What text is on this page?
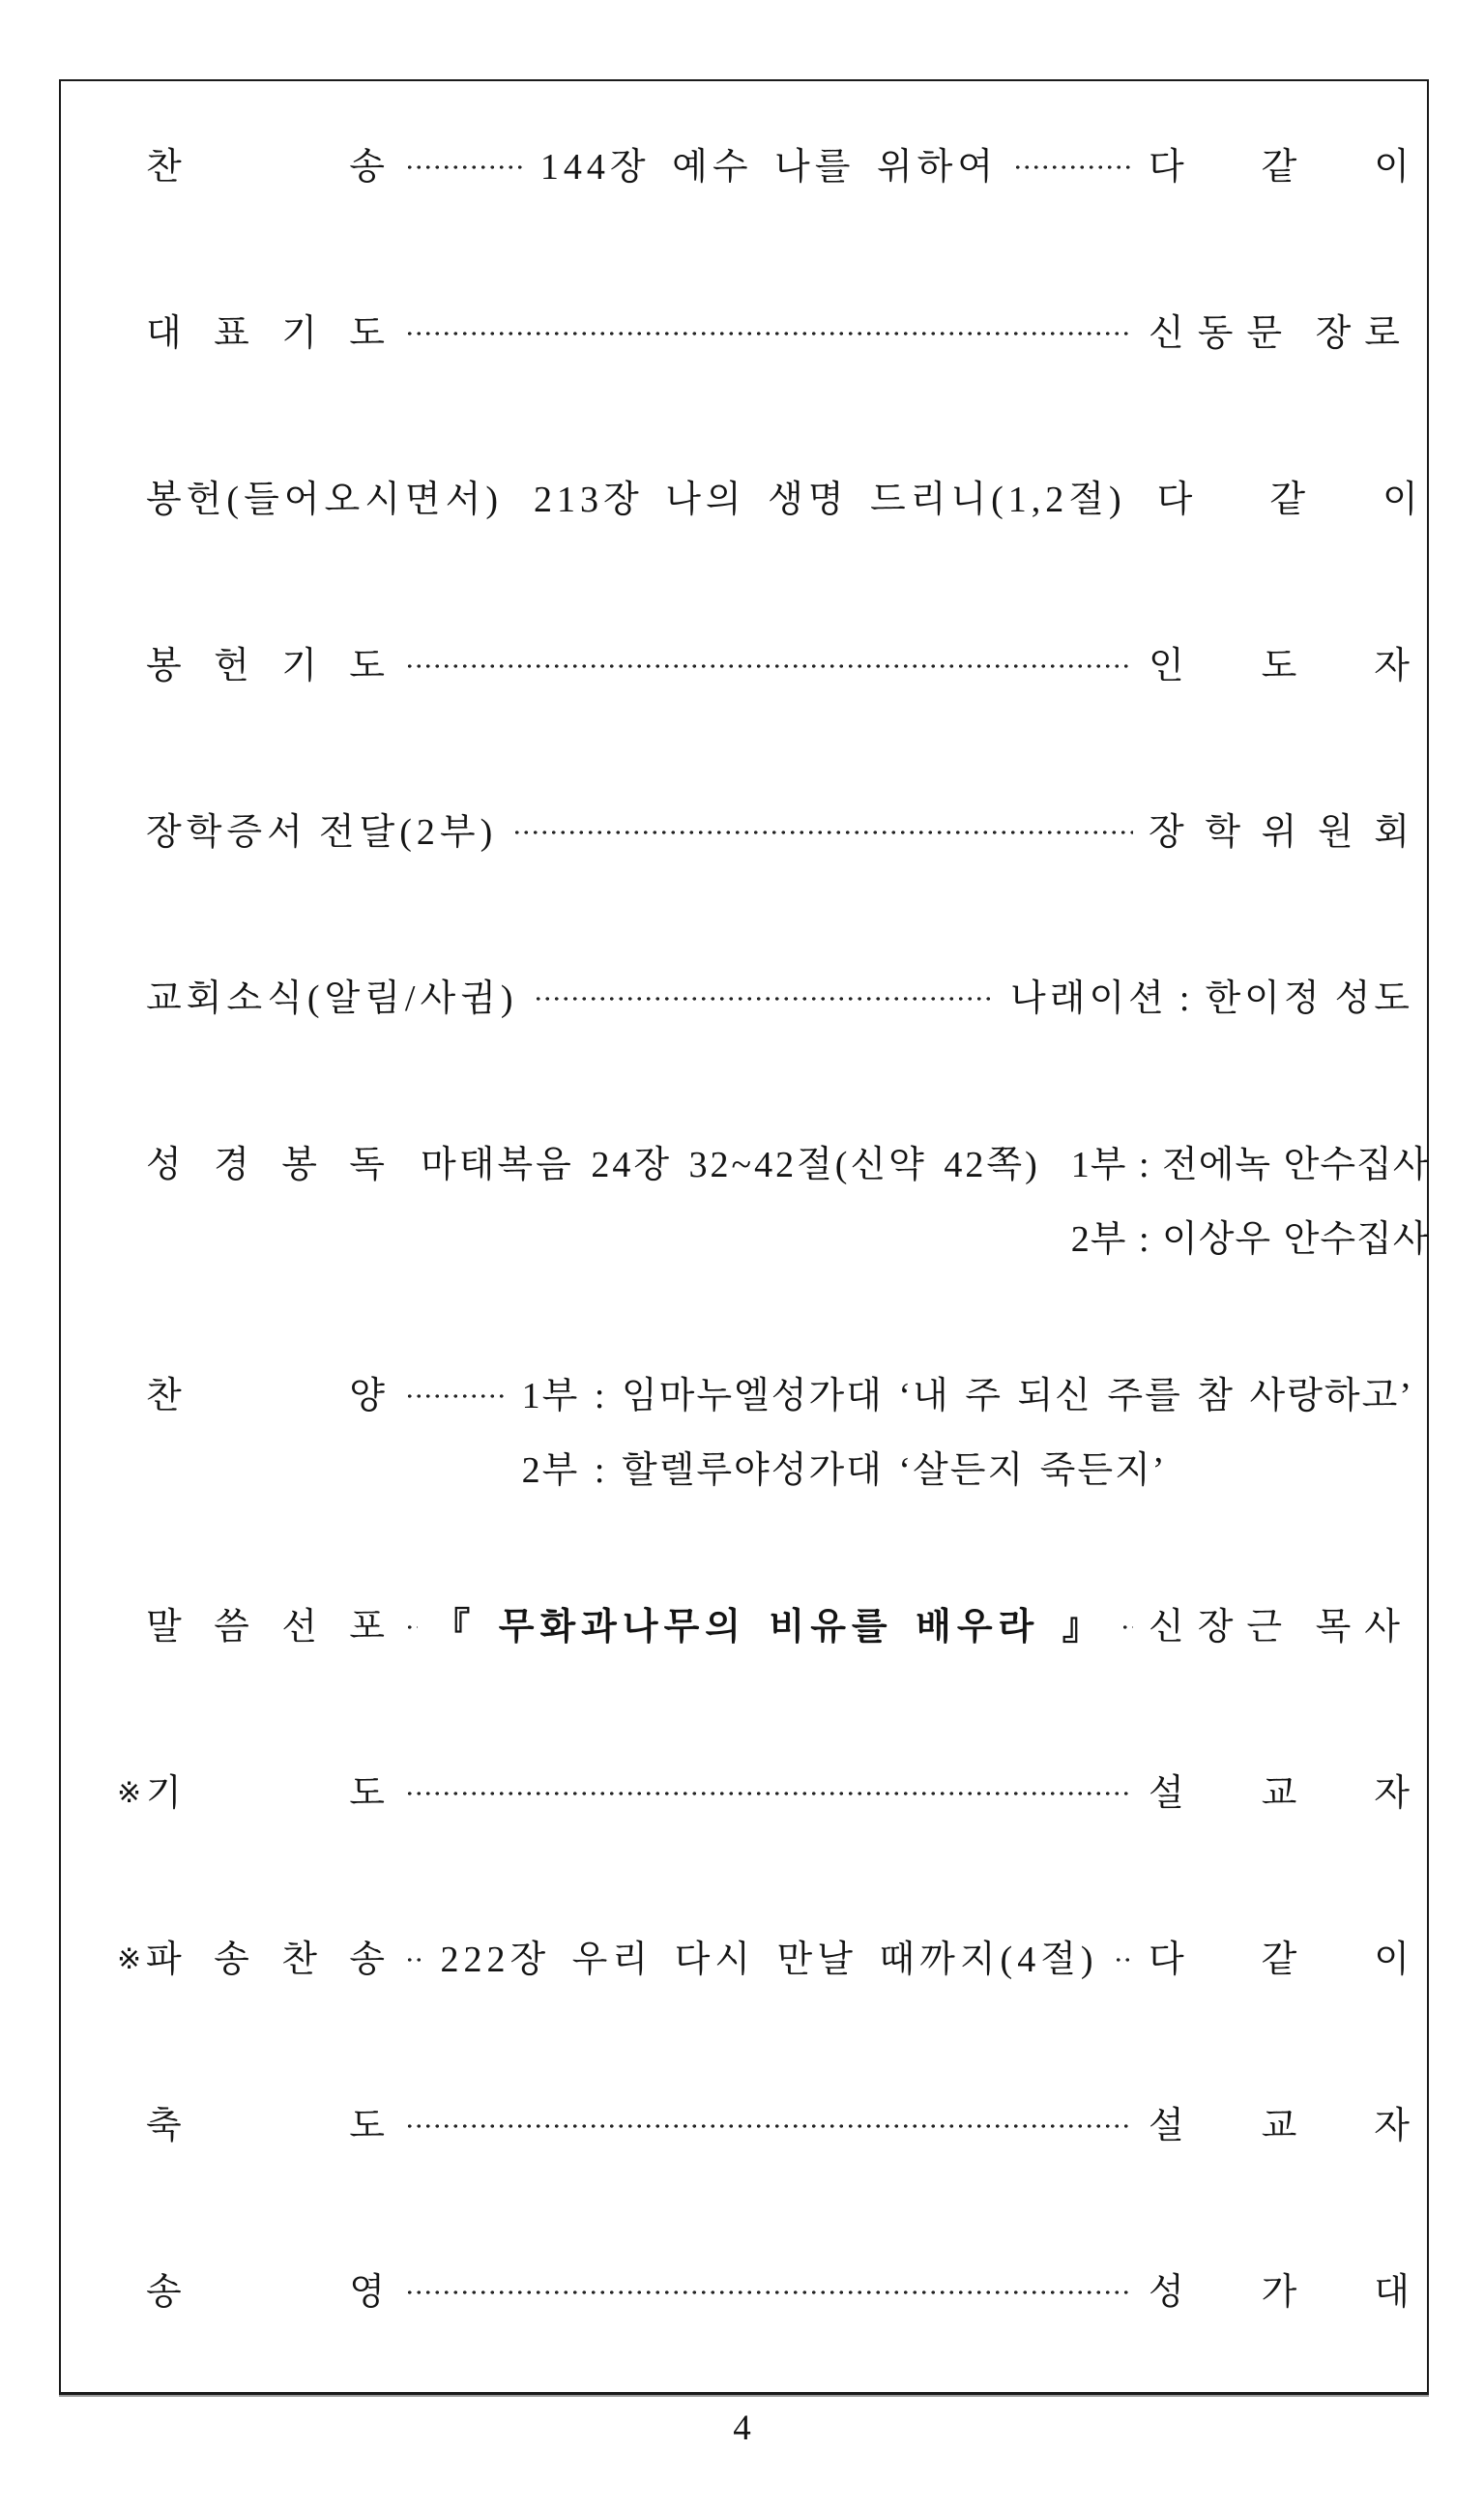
찬	송	144장 예수 나를 위하여	다 같 이
대 표 기 도	신동문 장로
봉헌(들어오시면서) 213장 나의 생명 드리니(1,2절) 다 같 이
봉 헌 기 도	인 도 자
장학증서 전달(2부)	장 학 위 원 회
교회소식(알림/사귐)	나래이션 : 한이정 성도
성 경 봉 독 마태복음 24장 32~42절(신약 42쪽) 1부 : 전에녹 안수집사
2부 : 이상우 안수집사
찬	양	1부 : 임마누엘성가대 ‘내 주 되신 주를 참 사랑하고’
2부 : 할렐루야성가대 ‘살든지 죽든지’
말 씀 선 포 『 무화과나무의 비유를 배우라 』 신장근 목사
※ 기	도	설 교 자
※ 파 송 찬 송 222장 우리 다시 만날 때까지(4절) 다 같 이
축	도	설 교 자
송	영	성 가 대
4
